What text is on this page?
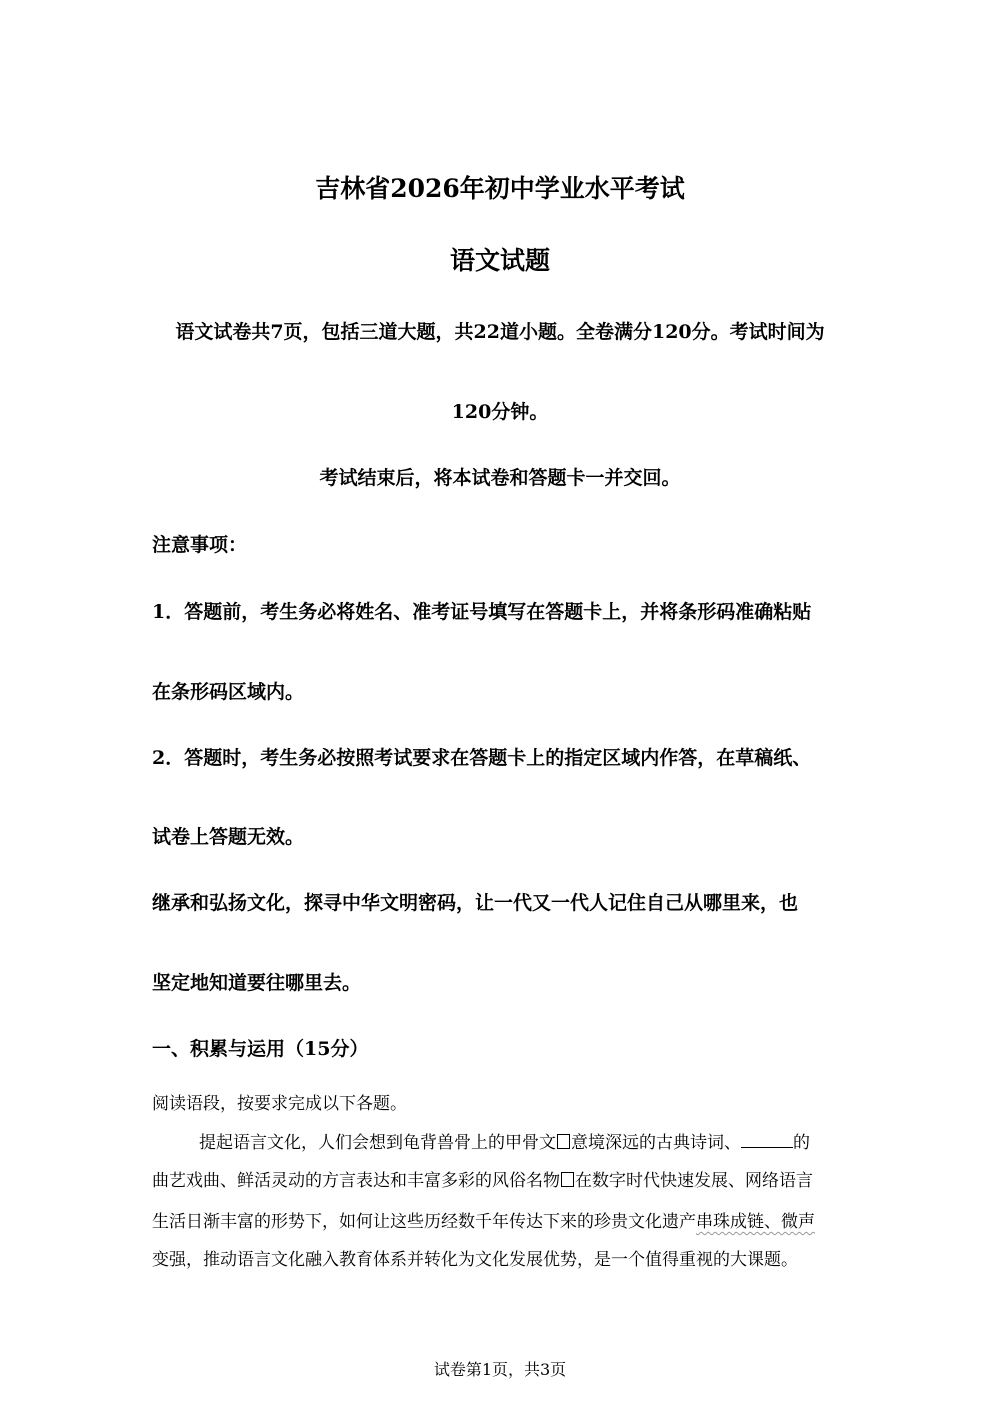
吉林省2026年初中学业水平考试
语文试题
语文试卷共7页，包括三道大题，共22道小题。全卷满分120分。考试时间为
120分钟。
考试结束后，将本试卷和答题卡一并交回。
注意事项：
1．答题前，考生务必将姓名、准考证号填写在答题卡上，并将条形码准确粘贴
在条形码区域内。
2．答题时，考生务必按照考试要求在答题卡上的指定区域内作答，在草稿纸、
试卷上答题无效。
继承和弘扬文化，探寻中华文明密码，让一代又一代人记住自己从哪里来，也
坚定地知道要往哪里去。
一、积累与运用（15分）
阅读语段，按要求完成以下各题。
提起语言文化，人们会想到龟背兽骨上的甲骨文 意境深远的古典诗词、	的
曲艺戏曲、鲜活灵动的方言表达和丰富多彩的风俗名物 在数字时代快速发展、网络语言
生活日渐丰富的形势下，如何让这些历经数千年传达下来的珍贵文化遗产串珠成链、微声
变强，推动语言文化融入教育体系并转化为文化发展优势，是一个值得重视的大课题。
试卷第1页，共3页
